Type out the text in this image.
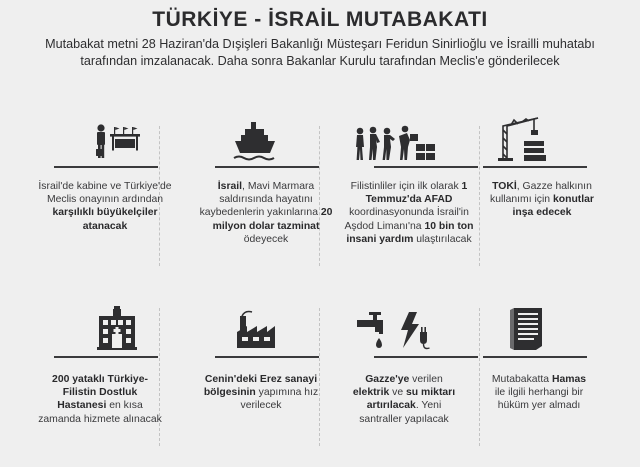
TÜRKİYE - İSRAİL MUTABAKATI
Mutabakat metni 28 Haziran'da Dışişleri Bakanlığı Müsteşarı Feridun Sinirlioğlu ve İsrailli muhatabı tarafından imzalanacak. Daha sonra Bakanlar Kurulu tarafından Meclis'e gönderilecek
İsrail'de kabine ve Türkiye'de Meclis onayının ardından karşılıklı büyükelçiler atanacak
İsrail, Mavi Marmara saldırısında hayatını kaybedenlerin yakınlarına 20 milyon dolar tazminat ödeyecek
Filistinliler için ilk olarak 1 Temmuz'da AFAD koordinasyonunda İsrail'in Aşdod Limanı'na 10 bin ton insani yardım ulaştırılacak
TOKİ, Gazze halkının kullanımı için konutlar inşa edecek
200 yataklı Türkiye-Filistin Dostluk Hastanesi en kısa zamanda hizmete alınacak
Cenin'deki Erez sanayi bölgesinin yapımına hız verilecek
Gazze'ye verilen elektrik ve su miktarı artırılacak. Yeni santraller yapılacak
Mutabakatta Hamas ile ilgili herhangi bir hüküm yer almadı
